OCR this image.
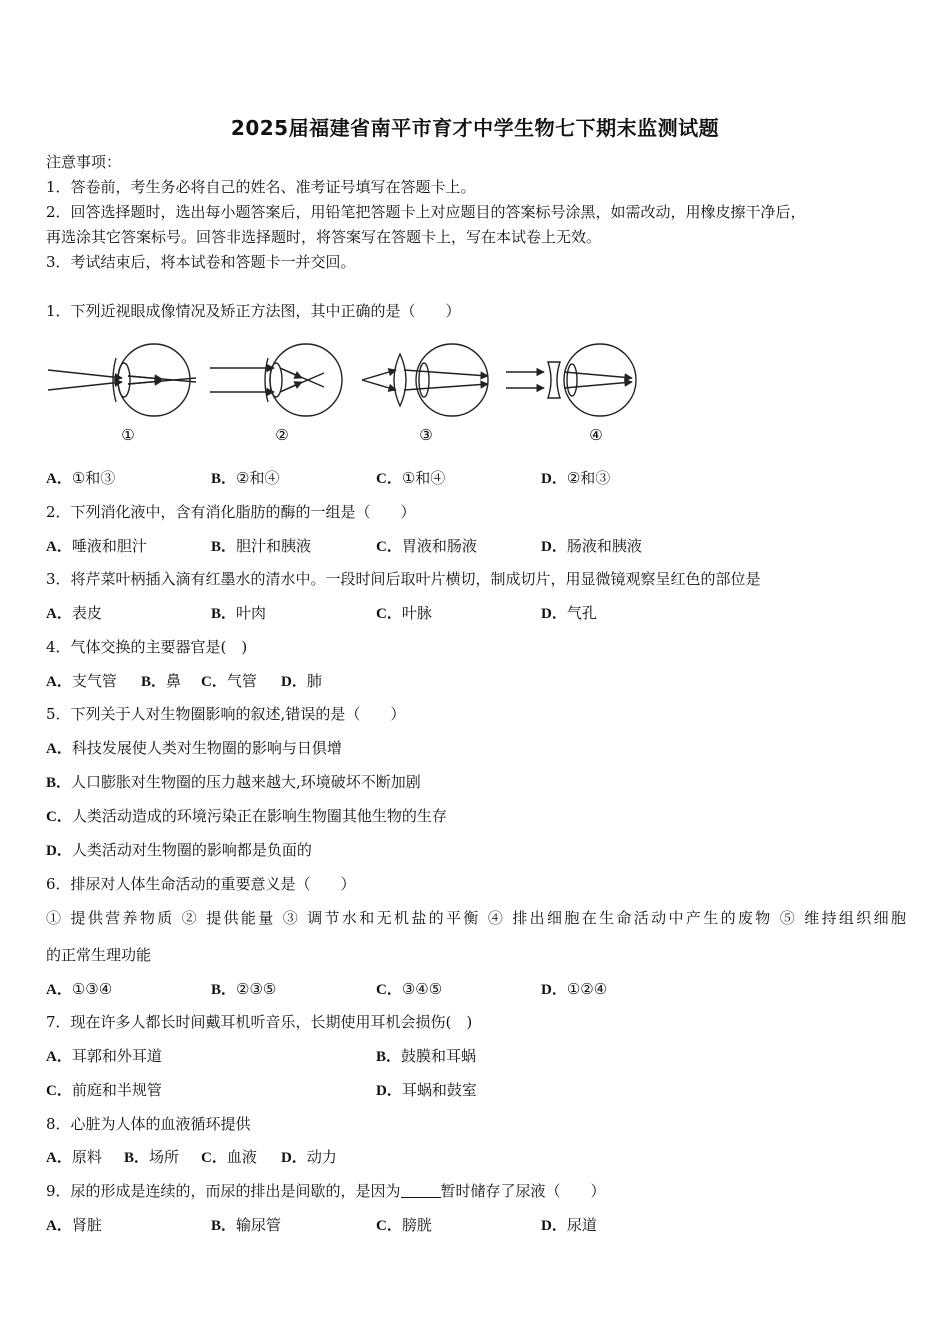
2025届福建省南平市育才中学生物七下期末监测试题
注意事项：
1．答卷前，考生务必将自己的姓名、准考证号填写在答题卡上。
2．回答选择题时，选出每小题答案后，用铅笔把答题卡上对应题目的答案标号涂黑，如需改动，用橡皮擦干净后，
再选涂其它答案标号。回答非选择题时，将答案写在答题卡上，写在本试卷上无效。
3．考试结束后，将本试卷和答题卡一并交回。
1．下列近视眼成像情况及矫正方法图，其中正确的是（　　）
①	②	③	④
A．①和③	B．②和④	C．①和④	D．②和③
2．下列消化液中，含有消化脂肪的酶的一组是（　　）
A．唾液和胆汁	B．胆汁和胰液	C．胃液和肠液	D．肠液和胰液
3．将芹菜叶柄插入滴有红墨水的清水中。一段时间后取叶片横切，制成切片，用显微镜观察呈红色的部位是
A．表皮	B．叶肉	C．叶脉	D．气孔
4．气体交换的主要器官是(　)
A．支气管 B．鼻 C．气管 D．肺
5．下列关于人对生物圈影响的叙述,错误的是（　　）
A．科技发展使人类对生物圈的影响与日俱增
B．人口膨胀对生物圈的压力越来越大,环境破坏不断加剧
C．人类活动造成的环境污染正在影响生物圈其他生物的生存
D．人类活动对生物圈的影响都是负面的
6．排尿对人体生命活动的重要意义是（　　）
① 提供营养物质 ② 提供能量 ③ 调节水和无机盐的平衡 ④ 排出细胞在生命活动中产生的废物 ⑤ 维持组织细胞
的正常生理功能
A．①③④	B．②③⑤	C．③④⑤	D．①②④
7．现在许多人都长时间戴耳机听音乐，长期使用耳机会损伤(　)
A．耳郭和外耳道	B．鼓膜和耳蜗
C．前庭和半规管	D．耳蜗和鼓室
8．心脏为人体的血液循环提供
A．原料 B．场所 C．血液 D．动力
9．尿的形成是连续的，而尿的排出是间歇的，是因为	暂时储存了尿液（　　）
A．肾脏	B．输尿管	C．膀胱	D．尿道
